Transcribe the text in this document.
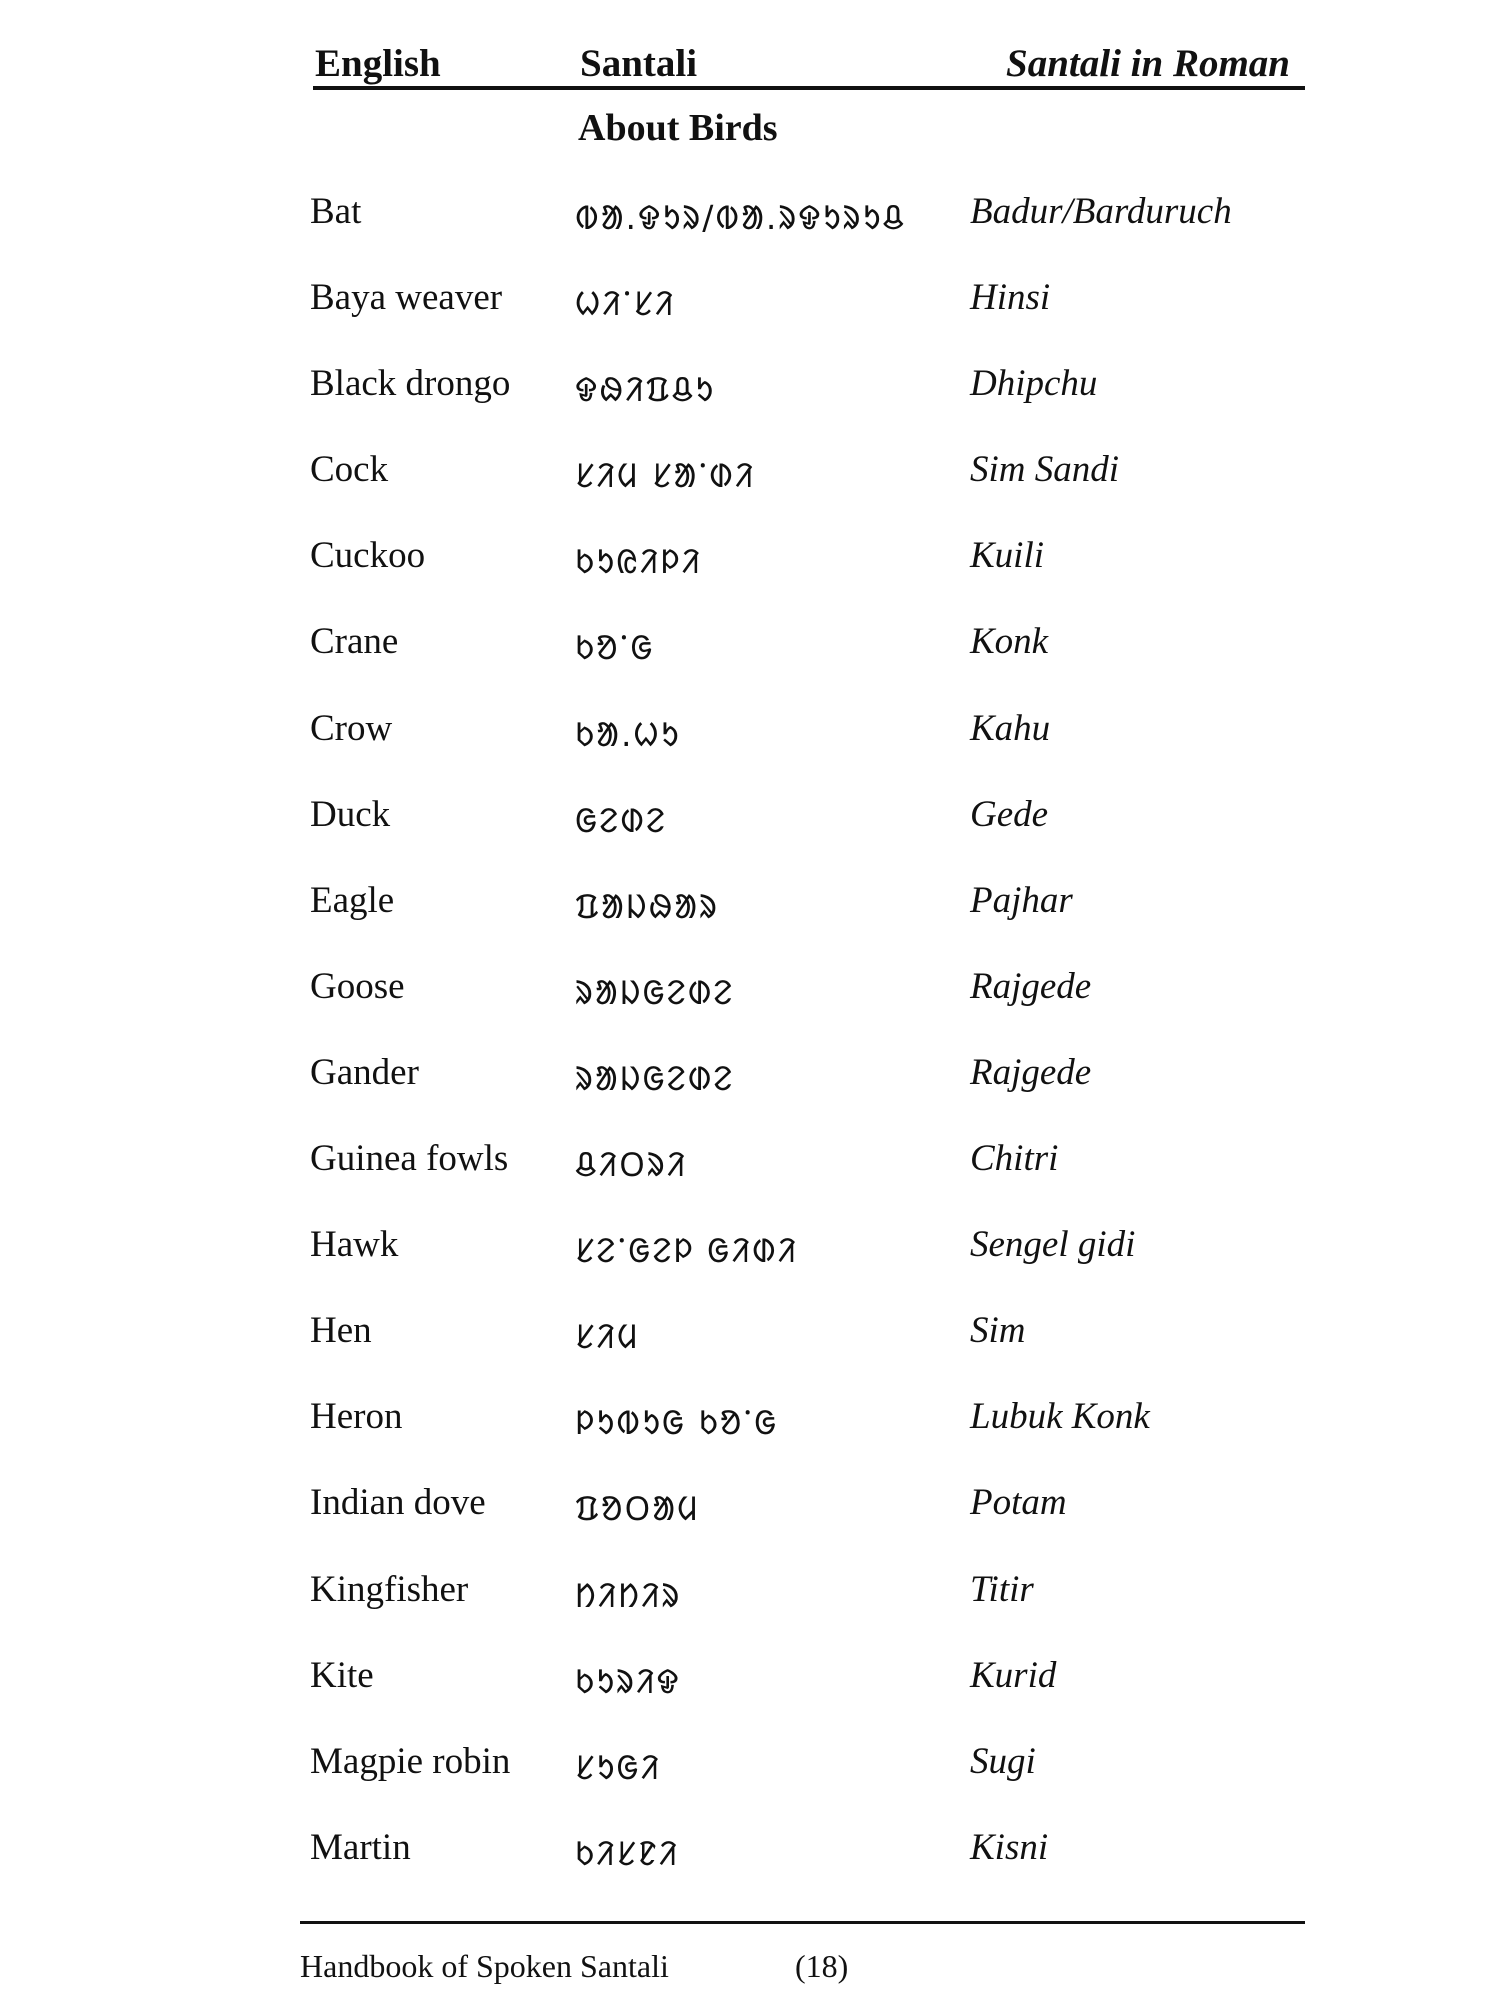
English	Santali	Santali in Roman
About Birds
Bat	ᱵᱟ.ᱫᱩᱨ/ᱵᱟ.ᱨᱫᱩᱨᱩᱪ Badur/Barduruch
Baya weaver ᱦᱤᱸᱥᱤ	Hinsi
Black drongo ᱫᱷᱤᱯᱪᱩ	Dhipchu
Cock	ᱥᱤᱢ ᱥᱟᱸᱰᱤ	Sim Sandi
Cuckoo	ᱠᱩᱭᱤᱞᱤ	Kuili
Crane	ᱠᱚᱸᱜ	Konk
Crow	ᱠᱟ.ᱦᱩ	Kahu
Duck	ᱜᱮᱰᱮ	Gede
Eagle	ᱯᱟᱡᱷᱟᱨ	Pajhar
Goose	ᱨᱟᱡᱜᱮᱰᱮ	Rajgede
Gander	ᱨᱟᱡᱜᱮᱰᱮ	Rajgede
Guinea fowls ᱪᱤᱛᱨᱤ	Chitri
Hawk	ᱥᱮᱸᱜᱮᱞ ᱜᱤᱰᱤ	Sengel gidi
Hen	ᱥᱤᱢ	Sim
Heron	ᱞᱩᱵᱩᱜ ᱠᱚᱸᱜ	Lubuk Konk
Indian dove	ᱯᱚᱛᱟᱢ	Potam
Kingfisher	ᱴᱤᱴᱤᱨ	Titir
Kite	ᱠᱩᱨᱤᱫ	Kurid
Magpie robin ᱥᱩᱜᱤ	Sugi
Martin	ᱠᱤᱥᱱᱤ	Kisni
Handbook of Spoken Santali	(18)
